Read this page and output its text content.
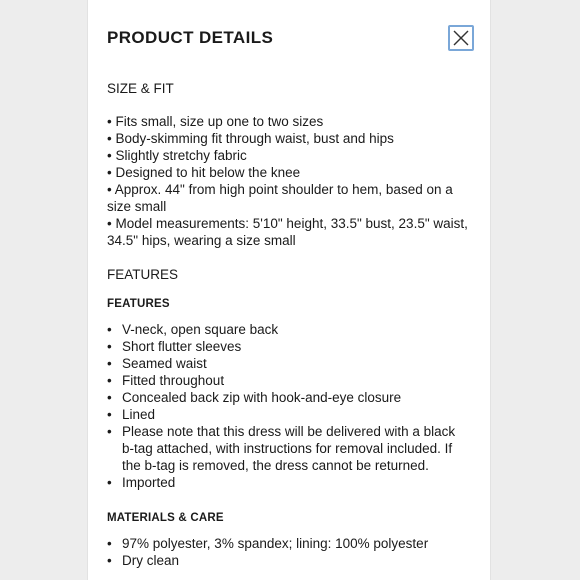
PRODUCT DETAILS
SIZE & FIT
• Fits small, size up one to two sizes
• Body-skimming fit through waist, bust and hips
• Slightly stretchy fabric
• Designed to hit below the knee
• Approx. 44" from high point shoulder to hem, based on a size small
• Model measurements: 5'10" height, 33.5" bust, 23.5" waist, 34.5" hips, wearing a size small
FEATURES
FEATURES
• V-neck, open square back
• Short flutter sleeves
• Seamed waist
• Fitted throughout
• Concealed back zip with hook-and-eye closure
• Lined
• Please note that this dress will be delivered with a black b-tag attached, with instructions for removal included. If the b-tag is removed, the dress cannot be returned.
• Imported
MATERIALS & CARE
• 97% polyester, 3% spandex; lining: 100% polyester
• Dry clean
